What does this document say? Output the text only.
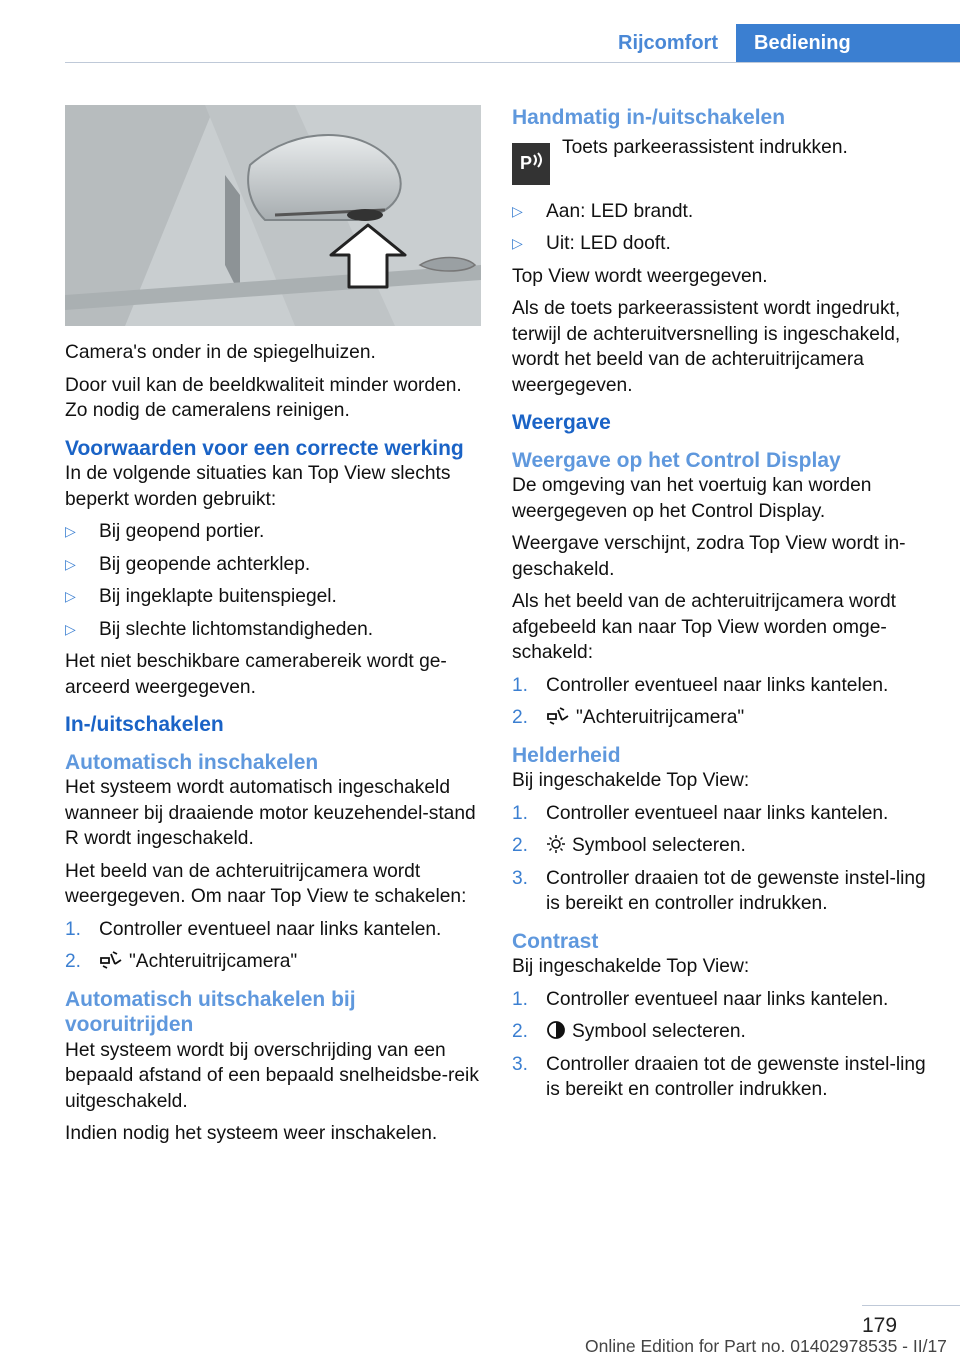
Rijcomfort	Bediening

Camera's onder in de spiegelhuizen.

Door vuil kan de beeldkwaliteit minder worden. Zo nodig de cameralens reinigen.

Voorwaarden voor een correcte werking

In de volgende situaties kan Top View slechts beperkt worden gebruikt:

▷ Bij geopend portier.
▷ Bij geopende achterklep.
▷ Bij ingeklapte buitenspiegel.
▷ Bij slechte lichtomstandigheden.

Het niet beschikbare camerabereik wordt ge‐arceerd weergegeven.

In-/uitschakelen
Automatisch inschakelen

Het systeem wordt automatisch ingeschakeld wanneer bij draaiende motor keuzehendel‐stand R wordt ingeschakeld.

Het beeld van de achteruitrijcamera wordt weergegeven. Om naar Top View te schakelen:

1. Controller eventueel naar links kantelen.
2. "Achteruitrijcamera"
Automatisch uitschakelen bij vooruitrijden

Het systeem wordt bij overschrijding van een bepaald afstand of een bepaald snelheidsbe‐reik uitgeschakeld.

Indien nodig het systeem weer inschakelen.

Handmatig in-/uitschakelen

P
Toets parkeerassistent indrukken.

▷ Aan: LED brandt.
▷ Uit: LED dooft.

Top View wordt weergegeven.

Als de toets parkeerassistent wordt ingedrukt, terwijl de achteruitversnelling is ingeschakeld, wordt het beeld van de achteruitrijcamera weergegeven.

Weergave
Weergave op het Control Display

De omgeving van het voertuig kan worden weergegeven op het Control Display.

Weergave verschijnt, zodra Top View wordt in‐geschakeld.

Als het beeld van de achteruitrijcamera wordt afgebeeld kan naar Top View worden omge‐schakeld:

1. Controller eventueel naar links kantelen.
2. "Achteruitrijcamera"
Helderheid

Bij ingeschakelde Top View:

1. Controller eventueel naar links kantelen.
2. Symbool selecteren.
3. Controller draaien tot de gewenste instel‐ling is bereikt en controller indrukken.
Contrast

Bij ingeschakelde Top View:

1. Controller eventueel naar links kantelen.
2. Symbool selecteren.
3. Controller draaien tot de gewenste instel‐ling is bereikt en controller indrukken.
179
Online Edition for Part no. 01402978535 - II/17
